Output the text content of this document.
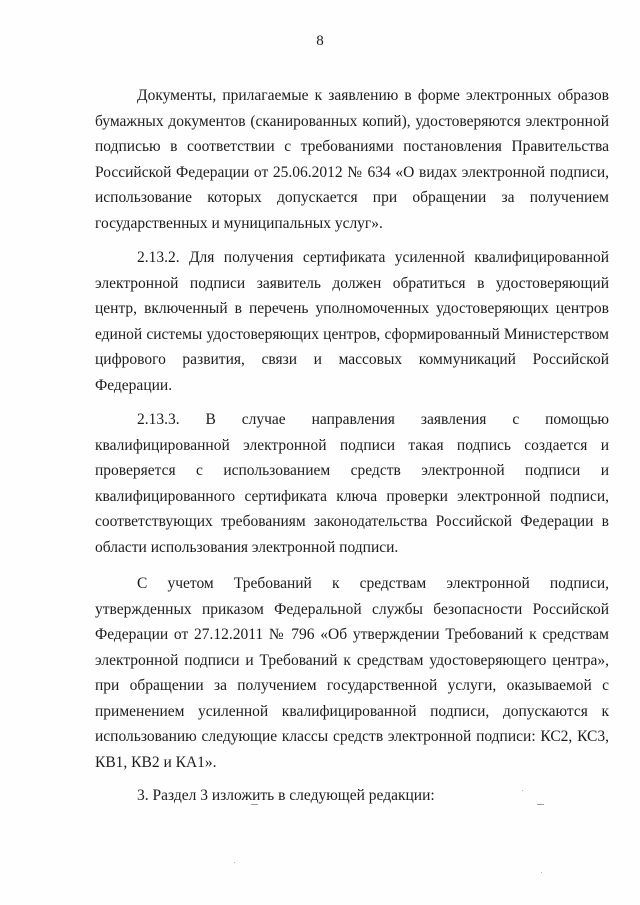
8

Документы, прилагаемые к заявлению в форме электронных образов бумажных документов (сканированных копий), удостоверяются электронной подписью в соответствии с требованиями постановления Правительства Российской Федерации от 25.06.2012 № 634 «О видах электронной подписи, использование которых допускается при обращении за получением государственных и муниципальных услуг».

2.13.2. Для получения сертификата усиленной квалифицированной электронной подписи заявитель должен обратиться в удостоверяющий центр, включенный в перечень уполномоченных удостоверяющих центров единой системы удостоверяющих центров, сформированный Министерством цифрового развития, связи и массовых коммуникаций Российской Федерации.

2.13.3. В случае направления заявления с помощью квалифицированной электронной подписи такая подпись создается и проверяется с использованием средств электронной подписи и квалифицированного сертификата ключа проверки электронной подписи, соответствующих требованиям законодательства Российской Федерации в области использования электронной подписи.

С учетом Требований к средствам электронной подписи, утвержденных приказом Федеральной службы безопасности Российской Федерации от 27.12.2011 № 796 «Об утверждении Требований к средствам электронной подписи и Требований к средствам удостоверяющего центра», при обращении за получением государственной услуги, оказываемой с применением усиленной квалифицированной подписи, допускаются к использованию следующие классы средств электронной подписи: КС2, КС3, КВ1, КВ2 и КА1».

3. Раздел 3 изложить в следующей редакции:
